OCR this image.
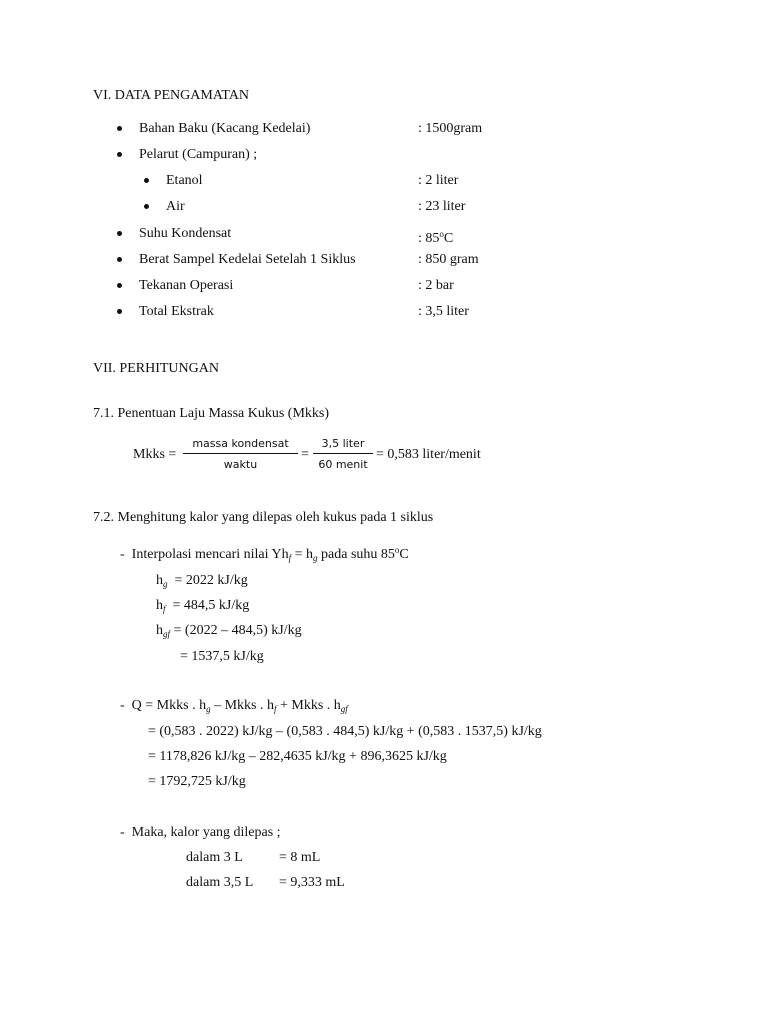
VI. DATA PENGAMATAN
Bahan Baku (Kacang Kedelai)	: 1500gram
Pelarut (Campuran) ;
Etanol	: 2 liter
Air	: 23 liter
Suhu Kondensat	: 85$^o$C
Berat Sampel Kedelai Setelah 1 Siklus	: 850 gram
Tekanan Operasi	: 2 bar
Total Ekstrak	: 3,5 liter
VII. PERHITUNGAN
7.1. Penentuan Laju Massa Kukus (Mkks)
Mkks =
massa kondensat
waktu
=
3,5 liter
60 menit
= 0,583 liter/menit
7.2. Menghitung kalor yang dilepas oleh kukus pada 1 siklus
- Interpolasi mencari nilai $Yh_f = h_g$ pada suhu 85$^o$C
$h_g = 2022$ kJ/kg
$h_f = 484,5$ kJ/kg
$h_{gf} = (2022 - 484,5)$ kJ/kg
= 1537,5 kJ/kg
- Q = Mkks . $h_g$ – Mkks . $h_f$ + Mkks . $h_{gf}$
= (0,583 . 2022) kJ/kg – (0,583 . 484,5) kJ/kg + (0,583 . 1537,5) kJ/kg
= 1178,826 kJ/kg – 282,4635 kJ/kg + 896,3625 kJ/kg
= 1792,725 kJ/kg
- Maka, kalor yang dilepas ;
dalam 3 L	= 8 mL
dalam 3,5 L = 9,333 mL
